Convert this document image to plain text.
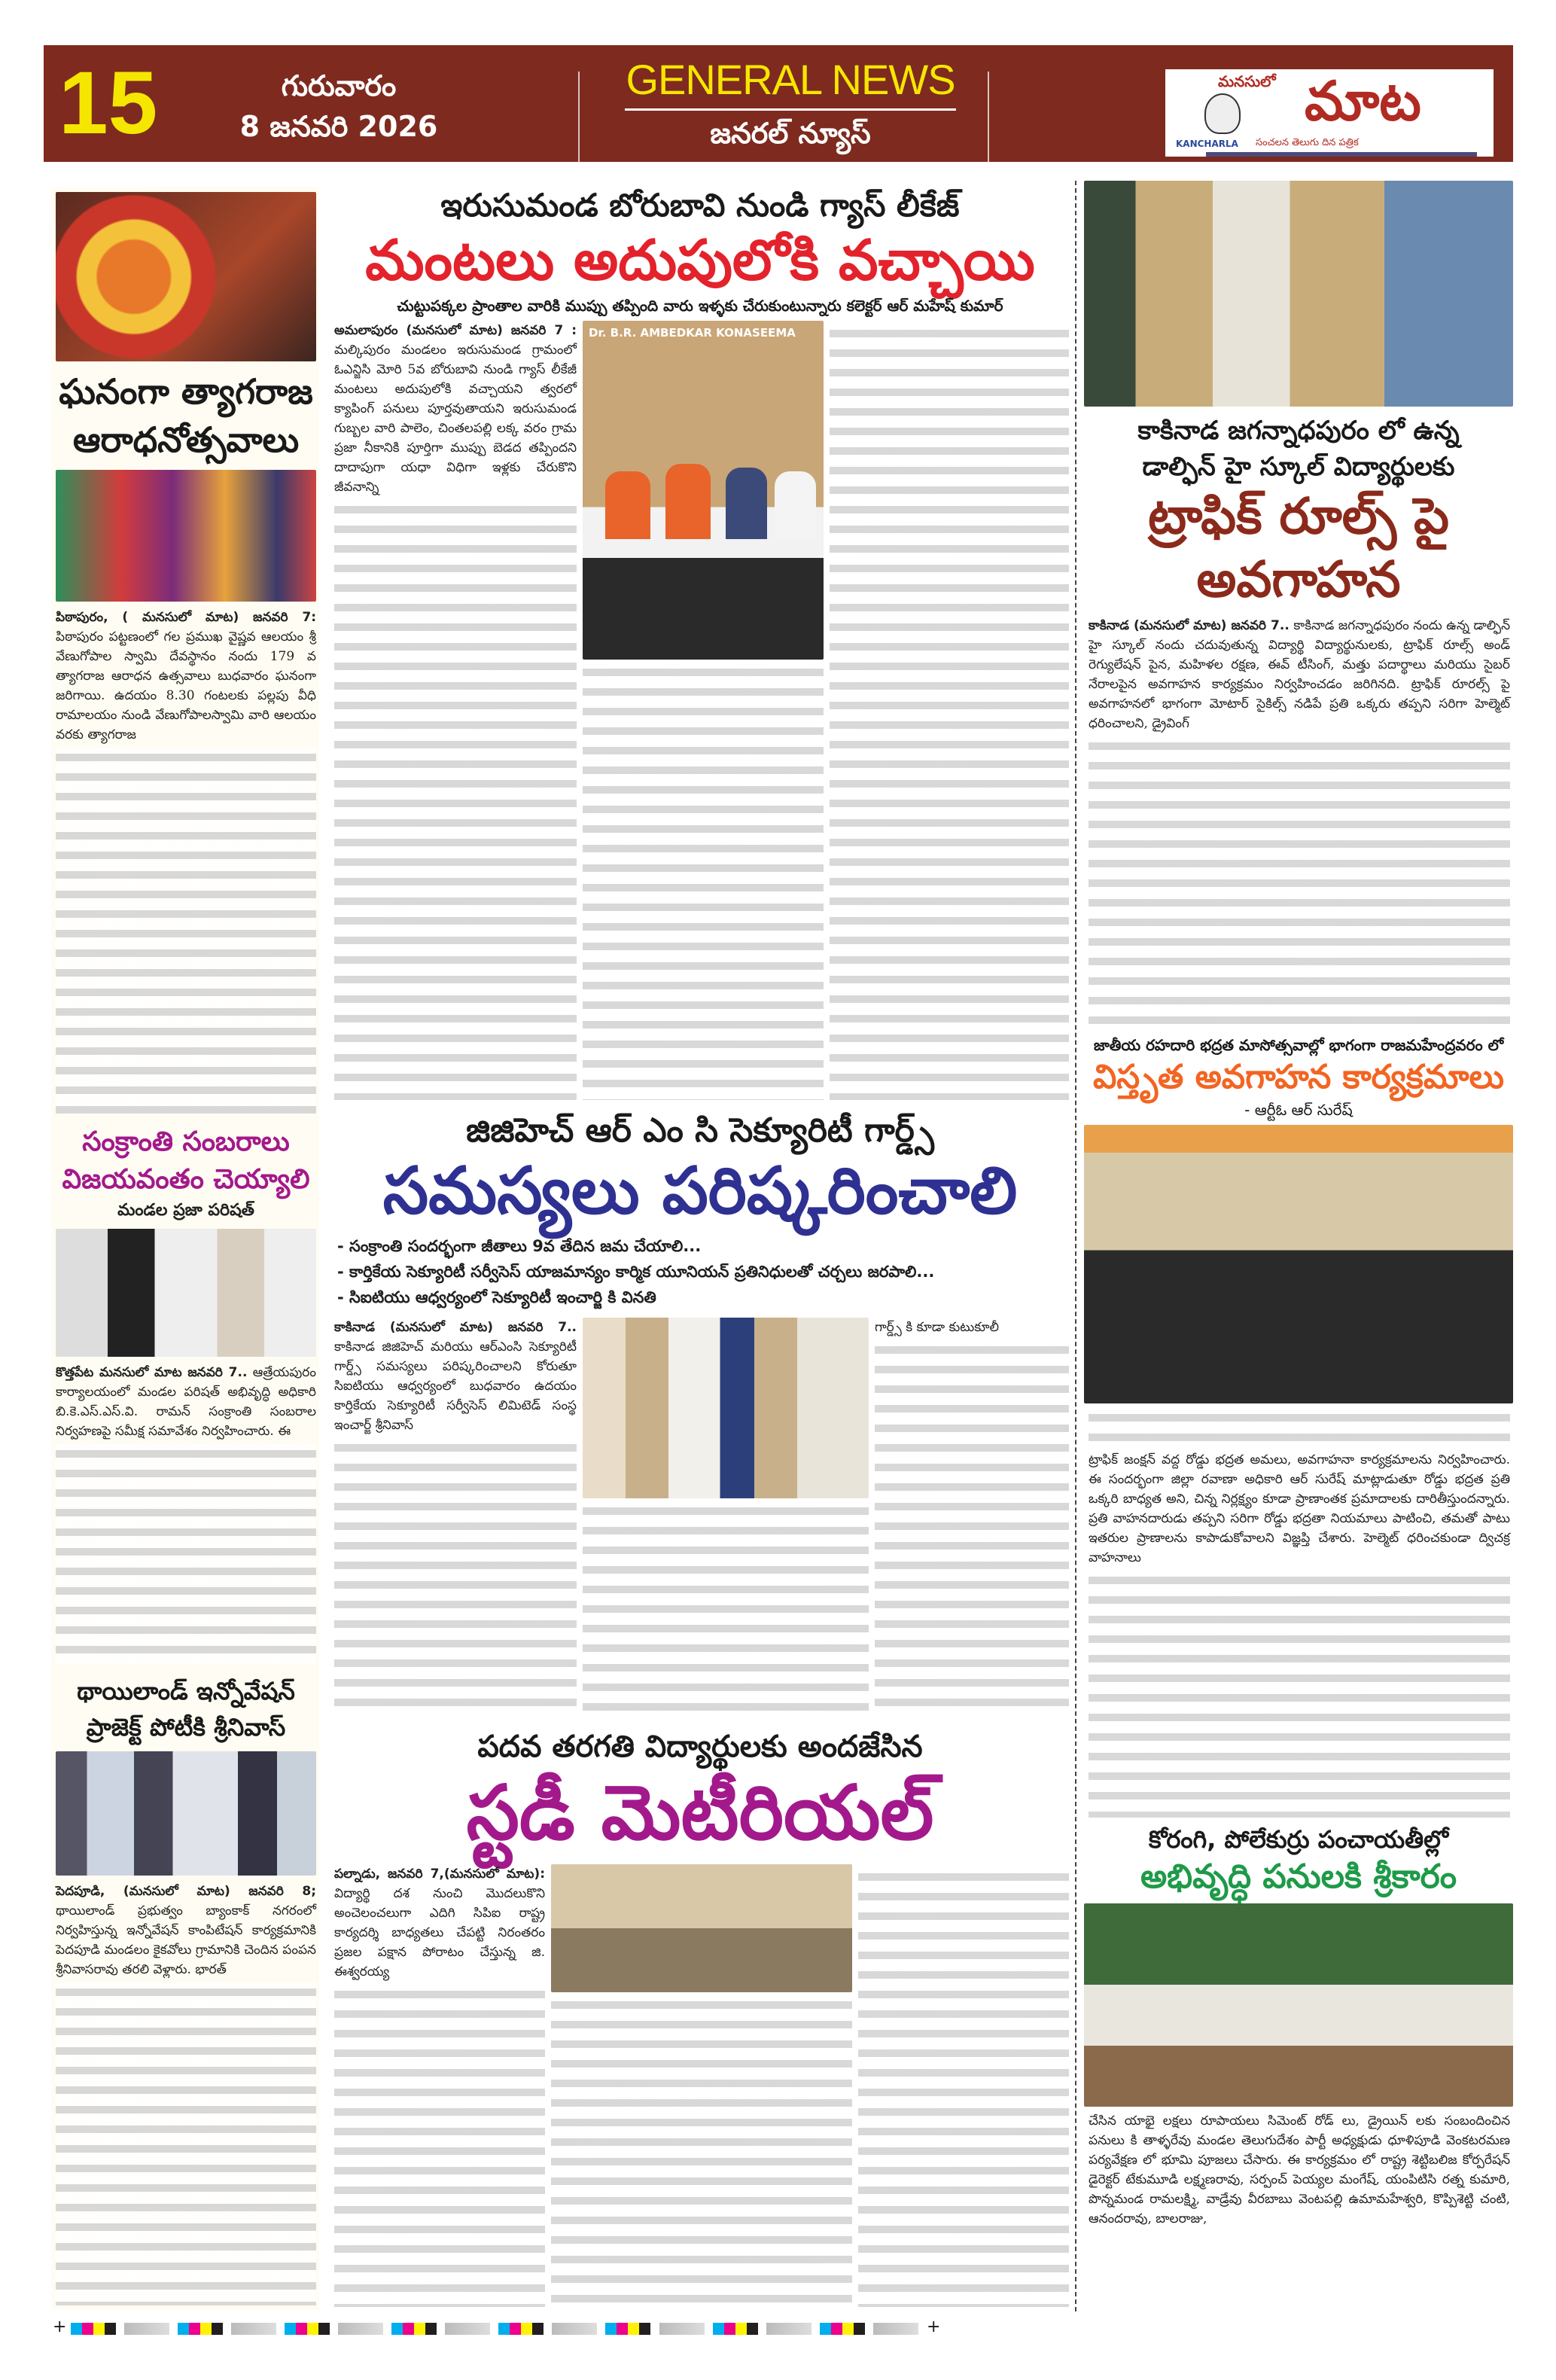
15	గురువారం
8 జనవరి 2026
GENERAL NEWS
జనరల్ న్యూస్
మనసులో మాట
KANCHARLA సంచలన తెలుగు దిన పత్రిక
ఘనంగా త్యాగరాజ
ఆరాధనోత్సవాలు
పిఠాపురం, ( మనసులో మాట) జనవరి 7: పిఠాపురం పట్టణంలో గల ప్రముఖ వైష్ణవ ఆలయం శ్రీ వేణుగోపాల స్వామి దేవస్థానం నందు 179 వ త్యాగరాజ ఆరాధన ఉత్సవాలు బుధవారం ఘనంగా జరిగాయి. ఉదయం 8.30 గంటలకు పల్లపు వీధి రామాలయం నుండి వేణుగోపాలస్వామి వారి ఆలయం వరకు త్యాగరాజ
సంక్రాంతి సంబరాలు
విజయవంతం చెయ్యాలి
మండల ప్రజా పరిషత్
కొత్తపేట మనసులో మాట జనవరి 7.. ఆత్రేయపురం కార్యాలయంలో మండల పరిషత్ అభివృద్ధి అధికారి బి.కె.ఎస్.ఎస్.వి. రామన్ సంక్రాంతి సంబరాల నిర్వహణపై సమీక్ష సమావేశం నిర్వహించారు. ఈ
థాయిలాండ్ ఇన్నోవేషన్
ప్రాజెక్ట్ పోటీకి శ్రీనివాస్
పెదపూడి, (మనసులో మాట) జనవరి 8; థాయిలాండ్ ప్రభుత్వం బ్యాంకాక్ నగరంలో నిర్వహిస్తున్న ఇన్నోవేషన్ కాంపిటేషన్ కార్యక్రమానికి పెదపూడి మండలం కైకవోలు గ్రామానికి చెందిన పంపన శ్రీనివాసరావు తరలి వెళ్లారు. భారత్
ఇరుసుమండ బోరుబావి నుండి గ్యాస్ లీకేజ్
మంటలు అదుపులోకి వచ్చాయి
చుట్టుపక్కల ప్రాంతాల వారికి ముప్పు తప్పింది వారు ఇళ్ళకు చేరుకుంటున్నారు కలెక్టర్ ఆర్ మహేష్ కుమార్
అమలాపురం (మనసులో మాట) జనవరి 7 : మల్కిపురం మండలం ఇరుసుమండ గ్రామంలో ఓఎన్జిసి మోరి 5వ బోరుబావి నుండి గ్యాస్ లీకేజీ మంటలు అదుపులోకి వచ్చాయని త్వరలో క్యాపింగ్ పనులు పూర్తవుతాయని ఇరుసుమండ గుబ్బల వారి పాలెం, చింతలపల్లి లక్క వరం గ్రామ ప్రజా నీకానికి పూర్తిగా ముప్పు బెడద తప్పిందని దాదాపుగా యధా విధిగా ఇళ్లకు చేరుకొని జీవనాన్ని
Dr. B.R. AMBEDKAR KONASEEMA
జిజిహెచ్ ఆర్ ఎం సి సెక్యూరిటీ గార్డ్స్
సమస్యలు పరిష్కరించాలి
- సంక్రాంతి సందర్భంగా జీతాలు 9వ తేదిన జమ చేయాలి...
- కార్తికేయ సెక్యూరిటీ సర్వీసెస్ యాజమాన్యం కార్మిక యూనియన్ ప్రతినిధులతో చర్చలు జరపాలి...
- సిఐటియు ఆధ్వర్యంలో సెక్యూరిటీ ఇంచార్జి కి వినతి
కాకినాడ (మనసులో మాట) జనవరి 7.. కాకినాడ జిజిహెచ్ మరియు ఆర్ఎంసి సెక్యూరిటీ గార్డ్స్ సమస్యలు పరిష్కరించాలని కోరుతూ సిఐటియు ఆధ్వర్యంలో బుధవారం ఉదయం కార్తికేయ సెక్యూరిటీ సర్వీసెస్ లిమిటెడ్ సంస్థ ఇంచార్జ్ శ్రీనివాస్
గార్డ్స్ కి కూడా కుటుకూలీ
పదవ తరగతి విద్యార్థులకు అందజేసిన
స్టడీ మెటీరియల్
పల్నాడు, జనవరి 7,(మనసులో మాట): విద్యార్థి దశ నుంచి మొదలుకొని అంచెలంచలుగా ఎదిగి సిపిఐ రాష్ట్ర కార్యదర్శి బాధ్యతలు చేపట్టి నిరంతరం ప్రజల పక్షాన పోరాటం చేస్తున్న జి. ఈశ్వరయ్య
కాకినాడ జగన్నాధపురం లో ఉన్న
డాల్ఫిన్ హై స్కూల్ విద్యార్థులకు
ట్రాఫిక్ రూల్స్ పై అవగాహన
కాకినాడ (మనసులో మాట) జనవరి 7.. కాకినాడ జగన్నాధపురం నందు ఉన్న డాల్ఫిన్ హై స్కూల్ నందు చదువుతున్న విద్యార్థి విద్యార్థునులకు, ట్రాఫిక్ రూల్స్ అండ్ రెగ్యులేషన్ పైన, మహిళల రక్షణ, ఈవ్ టీసింగ్, మత్తు పదార్థాలు మరియు సైబర్ నేరాలపైన అవగాహన కార్యక్రమం నిర్వహించడం జరిగినది. ట్రాఫిక్ రూరల్స్ పై అవగాహనలో భాగంగా మోటార్ సైకిల్స్ నడిపే ప్రతి ఒక్కరు తప్పని సరిగా హెల్మెట్ ధరించాలని, డ్రైవింగ్
జాతీయ రహదారి భద్రత మాసోత్సవాల్లో భాగంగా రాజమహేంద్రవరం లో
విస్తృత అవగాహన కార్యక్రమాలు
- ఆర్టీఓ ఆర్ సురేష్
ట్రాఫిక్ జంక్షన్ వద్ద రోడ్డు భద్రత అమలు, అవగాహనా కార్యక్రమాలను నిర్వహించారు. ఈ సందర్భంగా జిల్లా రవాణా అధికారి ఆర్ సురేష్ మాట్లాడుతూ రోడ్డు భద్రత ప్రతి ఒక్కరి బాధ్యత అని, చిన్న నిర్లక్ష్యం కూడా ప్రాణాంతక ప్రమాదాలకు దారితీస్తుందన్నారు. ప్రతి వాహనదారుడు తప్పని సరిగా రోడ్డు భద్రతా నియమాలు పాటించి, తమతో పాటు ఇతరుల ప్రాణాలను కాపాడుకోవాలని విజ్ఞప్తి చేశారు. హెల్మెట్ ధరించకుండా ద్విచక్ర వాహనాలు
కోరంగి, పోలేకుర్రు పంచాయతీల్లో
అభివృద్ధి పనులకి శ్రీకారం
చేసిన యాభై లక్షలు రూపాయలు సిమెంట్ రోడ్ లు, డ్రైయిన్ లకు సంబందించిన పనులు కి తాళ్ళరేవు మండల తెలుగుదేశం పార్టీ అధ్యక్షుడు ధూళిపూడి వెంకటరమణ పర్యవేక్షణ లో భూమి పూజలు చేసారు. ఈ కార్యక్రమం లో రాష్ట్ర శెట్టిబలిజ కోర్పరేషన్ డైరెక్టర్ టేకుమూడి లక్ష్మణరావు, సర్పంచ్ పెయ్యల మంగేష్, యంపిటిసి రత్న కుమారి, పొన్నమండ రామలక్ష్మి, వాడ్రేవు వీరబాబు వెంటపల్లి ఉమామహేశ్వరి, కొప్పిశెట్టి చంటి, ఆనందరావు, బాలరాజు,
+	+
